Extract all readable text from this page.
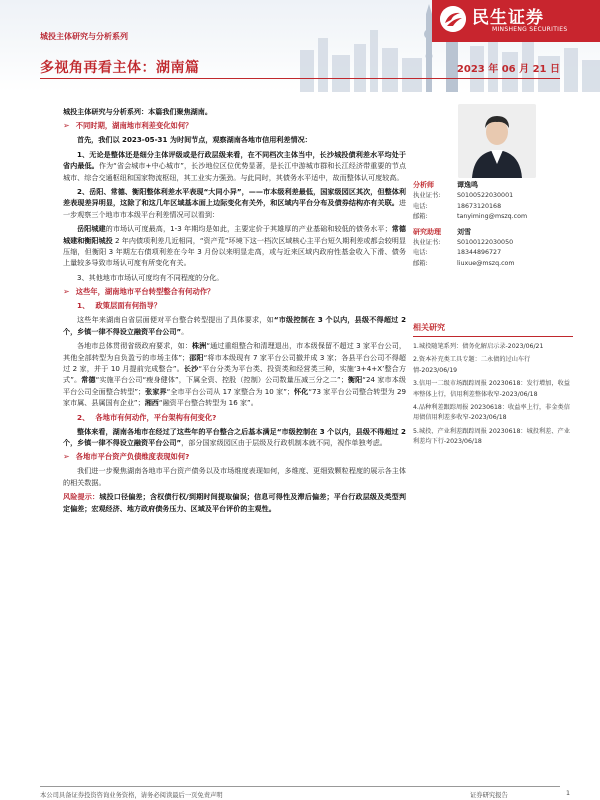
城投主体研究与分析系列
多视角再看主体：湖南篇	2023 年 06 月 21 日
民生证券
MINSHENG SECURITIES
城投主体研究与分析系列：本篇我们聚焦湖南。
➢ 不同时期，湖南地市利差变化如何？
首先，我们以 2023-05-31 为时间节点，观察湖南各地市信用利差情况：
1、无论是整体还是细分主体评级或是行政层级来看，在不同档次主体当中，长沙城投债利差水平均处于省内最低。作为“省会城市+中心城市”，长沙地位区位优势显著，是长江中游城市群和长江经济带重要的节点城市、综合交通枢纽和国家物流枢纽，其工业实力强劲。与此同时，其债务水平适中，故而整体认可度较高。
2、岳阳、常德、衡阳整体利差水平表现“大同小异”，——市本级利差最低，国家级园区其次，但整体利差表现差异明显，这除了和这几年区域基本面上边际变化有关外，和区域内平台分布及债券结构亦有关联。进一步观察三个地市市本级平台利差情况可以看到：
岳阳城建的市场认可度最高，1-3 年期均是如此，主要定价于其雄厚的产业基础和较低的债务水平；常德城建和衡阳城投 2 年内债项利差几近相同，“资产荒”环境下这一档次区域核心主平台短久期利差或都会较明显压缩，但衡阳 3 年期左右债项利差在今年 3 月份以来明显走高，或与近来区域内政府性基金收入下滑、债务上量较多导致市场认可度有所变化有关。
3、其他地市市场认可度均有不同程度的分化。
➢ 这些年，湖南地市平台转型整合有何动作？
1、 政策层面有何指导？
这些年来湖南自省层面便对平台整合转型提出了具体要求，如“市级控制在 3 个以内，县级不得超过 2 个，乡镇一律不得设立融资平台公司”。
各地市总体贯彻省级政府要求，如：株洲“通过重组整合和清理退出，市本级保留不超过 3 家平台公司，其他全部转型为自负盈亏的市场主体”；邵阳“将市本级现有 7 家平台公司撤并成 3 家；各县平台公司不得超过 2 家，并于 10 月提前完成整合”。长沙“平台分类为平台类、投资类和经营类三种，实施‘3+4+X’整合方式”。常德“实施平台公司“瘦身健体”，下属全资、控股（控制）公司数量压减三分之二”；衡阳“24 家市本级平台公司全面整合转型”；张家界“全市平台公司从 17 家整合为 10 家”；怀化“73 家平台公司整合转型为 29 家市属、县属国有企业”；湘西“融资平台整合转型为 16 家”。
2、 各地市有何动作，平台架构有何变化?
整体来看，湖南各地市在经过了这些年的平台整合之后基本满足“市级控制在 3 个以内，县级不得超过 2 个，乡镇一律不得设立融资平台公司”，部分国家级园区由于层级及行政机制本就不同，视作单独考虑。
➢ 各地市平台资产负债维度表现如何?
我们进一步聚焦湖南各地市平台资产债务以及市场维度表现如何，多维度、更细致颗粒程度的展示各主体的相关数据。
风险提示：城投口径偏差；含权债行权/到期时间提取偏误；信息可得性及滞后偏差；平台行政层级及类型判定偏差；宏观经济、地方政府债务压力、区域及平台评价的主观性。
分析师	谭逸鸣
执业证书:	S0100522030001
电话:	18673120168
邮箱:	tanyiming@mszq.com
研究助理	刘雪
执业证书:	S0100122030050
电话:	18344896727
邮箱:	liuxue@mszq.com
相关研究
1.城投随笔系列：债务化解启示录-2023/06/21
2.资本补充类工具专题：二永债的过山车行情-2023/06/19
3.信用一二级市场跟踪周报 20230618：发行增加，收益率整体上行，信用利差整体收窄-2023/06/18
4.品种利差跟踪周报 20230618：收益率上行，非金类信用债信用利差多收窄-2023/06/18
5.城投、产业利差跟踪周报 20230618：城投利差、产业利差均下行-2023/06/18
本公司具备证券投资咨询业务资格，请务必阅读最后一页免责声明	证券研究报告	1
